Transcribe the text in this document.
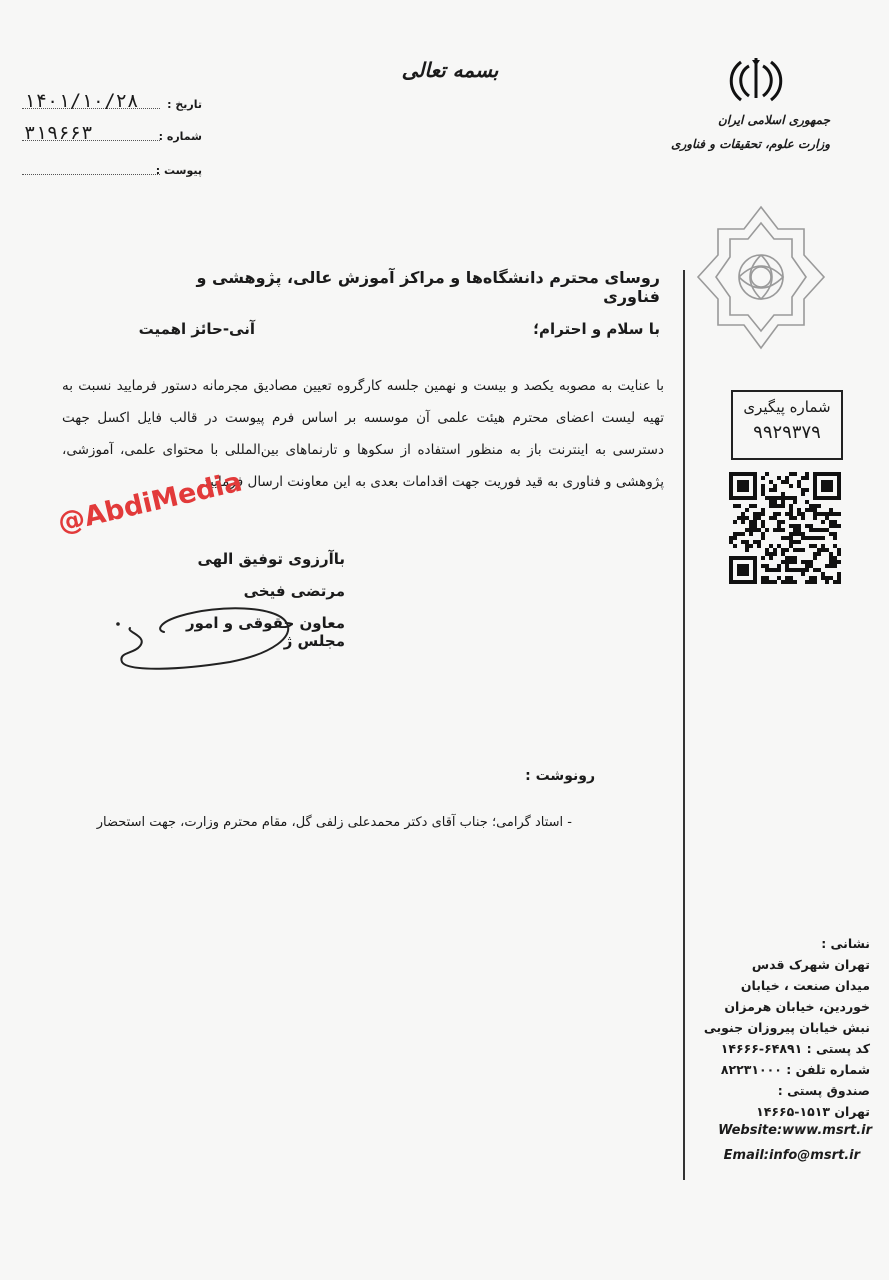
بسمه تعالی
جمهوری اسلامی ایران
وزارت علوم، تحقیقات و فناوری
تاریخ :
۱۴۰۱/۱۰/۲۸
شماره :
۳۱۹۶۶۳
پیوست :
روسای محترم دانشگاه‌ها و مراکز آموزش عالی، پژوهشی و فناوری
با سلام و احترام؛
آنی-حائز اهمیت
با عنایت به مصوبه یکصد و بیست و نهمین جلسه کارگروه تعیین مصادیق مجرمانه دستور فرمایید نسبت به تهیه لیست اعضای محترم هیئت علمی آن موسسه بر اساس فرم پیوست در قالب فایل اکسل جهت دسترسی به اینترنت باز به منظور استفاده از سکوها و تارنماهای بین‌المللی با محتوای علمی، آموزشی، پژوهشی و فناوری به قید فوریت جهت اقدامات بعدی به این معاونت ارسال فرمایید.
شماره پیگیری
۹۹۲۹۳۷۹
@AbdiMedia
باآرزوی توفیق الهی
مرتضی فیخی
معاون حقوقی و امور مجلس ژ
رونوشت :
- استاد گرامی؛ جناب آقای دکتر محمدعلی زلفی گل، مقام محترم وزارت، جهت استحضار
نشانی :
تهران شهرک قدس
میدان صنعت ، خیابان
خوردین، خیابان هرمزان
نبش خیابان پیروزان جنوبی
کد پستی : ۶۴۸۹۱-۱۴۶۶۶
شماره تلفن : ۸۲۲۳۱۰۰۰
صندوق پستی :
تهران ۱۵۱۳-۱۴۶۶۵
Website:www.msrt.ir
Email:info@msrt.ir
